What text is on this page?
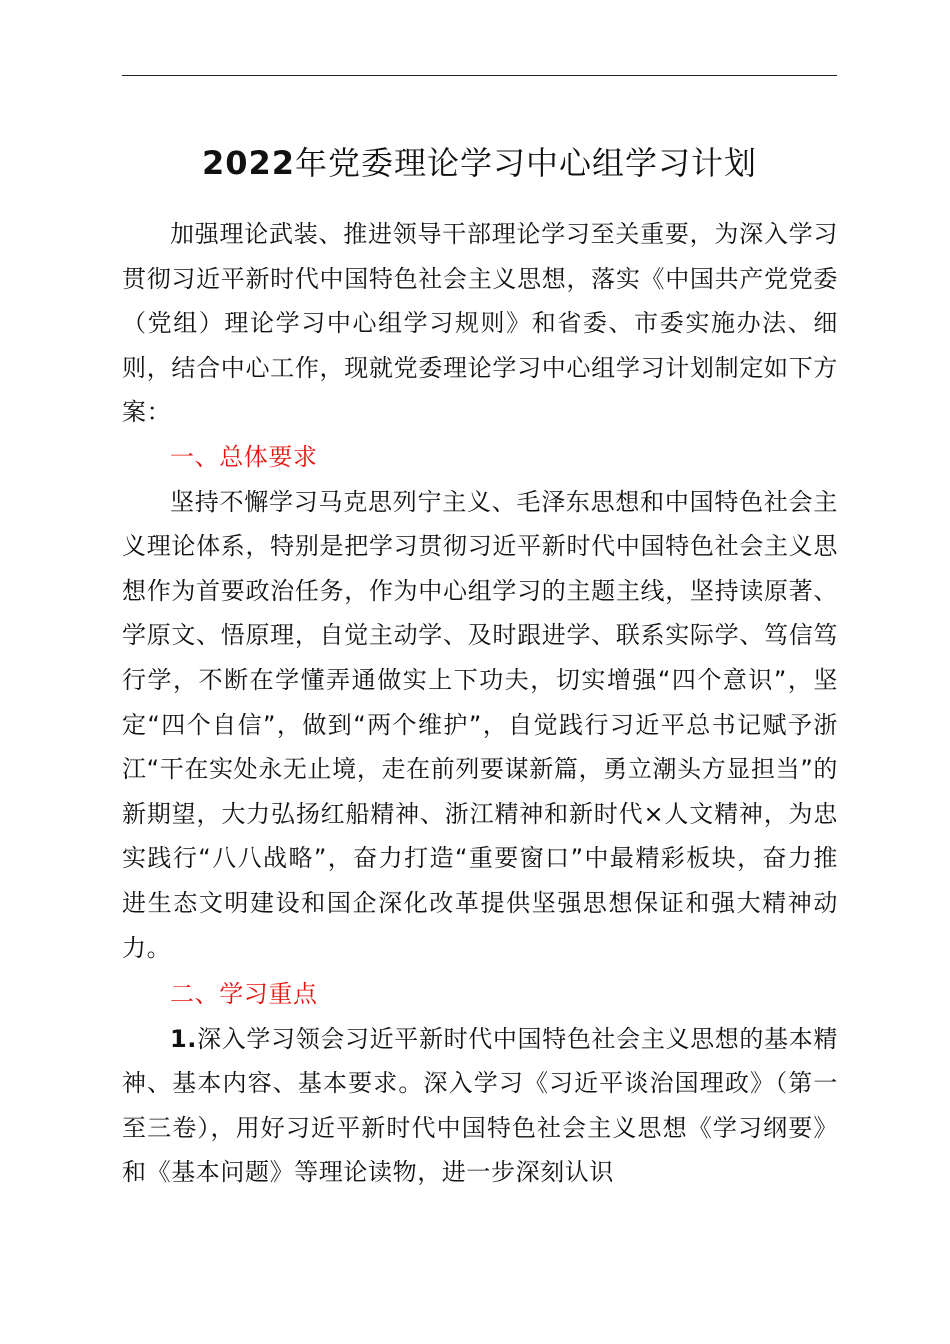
2022年党委理论学习中心组学习计划

加强理论武装、推进领导干部理论学习至关重要，为深入学习贯彻习近平新时代中国特色社会主义思想，落实《中国共产党党委（党组）理论学习中心组学习规则》和省委、市委实施办法、细则，结合中心工作，现就党委理论学习中心组学习计划制定如下方案：

一、总体要求

坚持不懈学习马克思列宁主义、毛泽东思想和中国特色社会主义理论体系，特别是把学习贯彻习近平新时代中国特色社会主义思想作为首要政治任务，作为中心组学习的主题主线，坚持读原著、学原文、悟原理，自觉主动学、及时跟进学、联系实际学、笃信笃行学，不断在学懂弄通做实上下功夫，切实增强“四个意识”，坚定“四个自信”，做到“两个维护”，自觉践行习近平总书记赋予浙江“干在实处永无止境，走在前列要谋新篇，勇立潮头方显担当”的新期望，大力弘扬红船精神、浙江精神和新时代×人文精神，为忠实践行“八八战略”，奋力打造“重要窗口”中最精彩板块，奋力推进生态文明建设和国企深化改革提供坚强思想保证和强大精神动力。

二、学习重点

1.深入学习领会习近平新时代中国特色社会主义思想的基本精神、基本内容、基本要求。深入学习《习近平谈治国理政》（第一至三卷），用好习近平新时代中国特色社会主义思想《学习纲要》和《基本问题》等理论读物，进一步深刻认识
